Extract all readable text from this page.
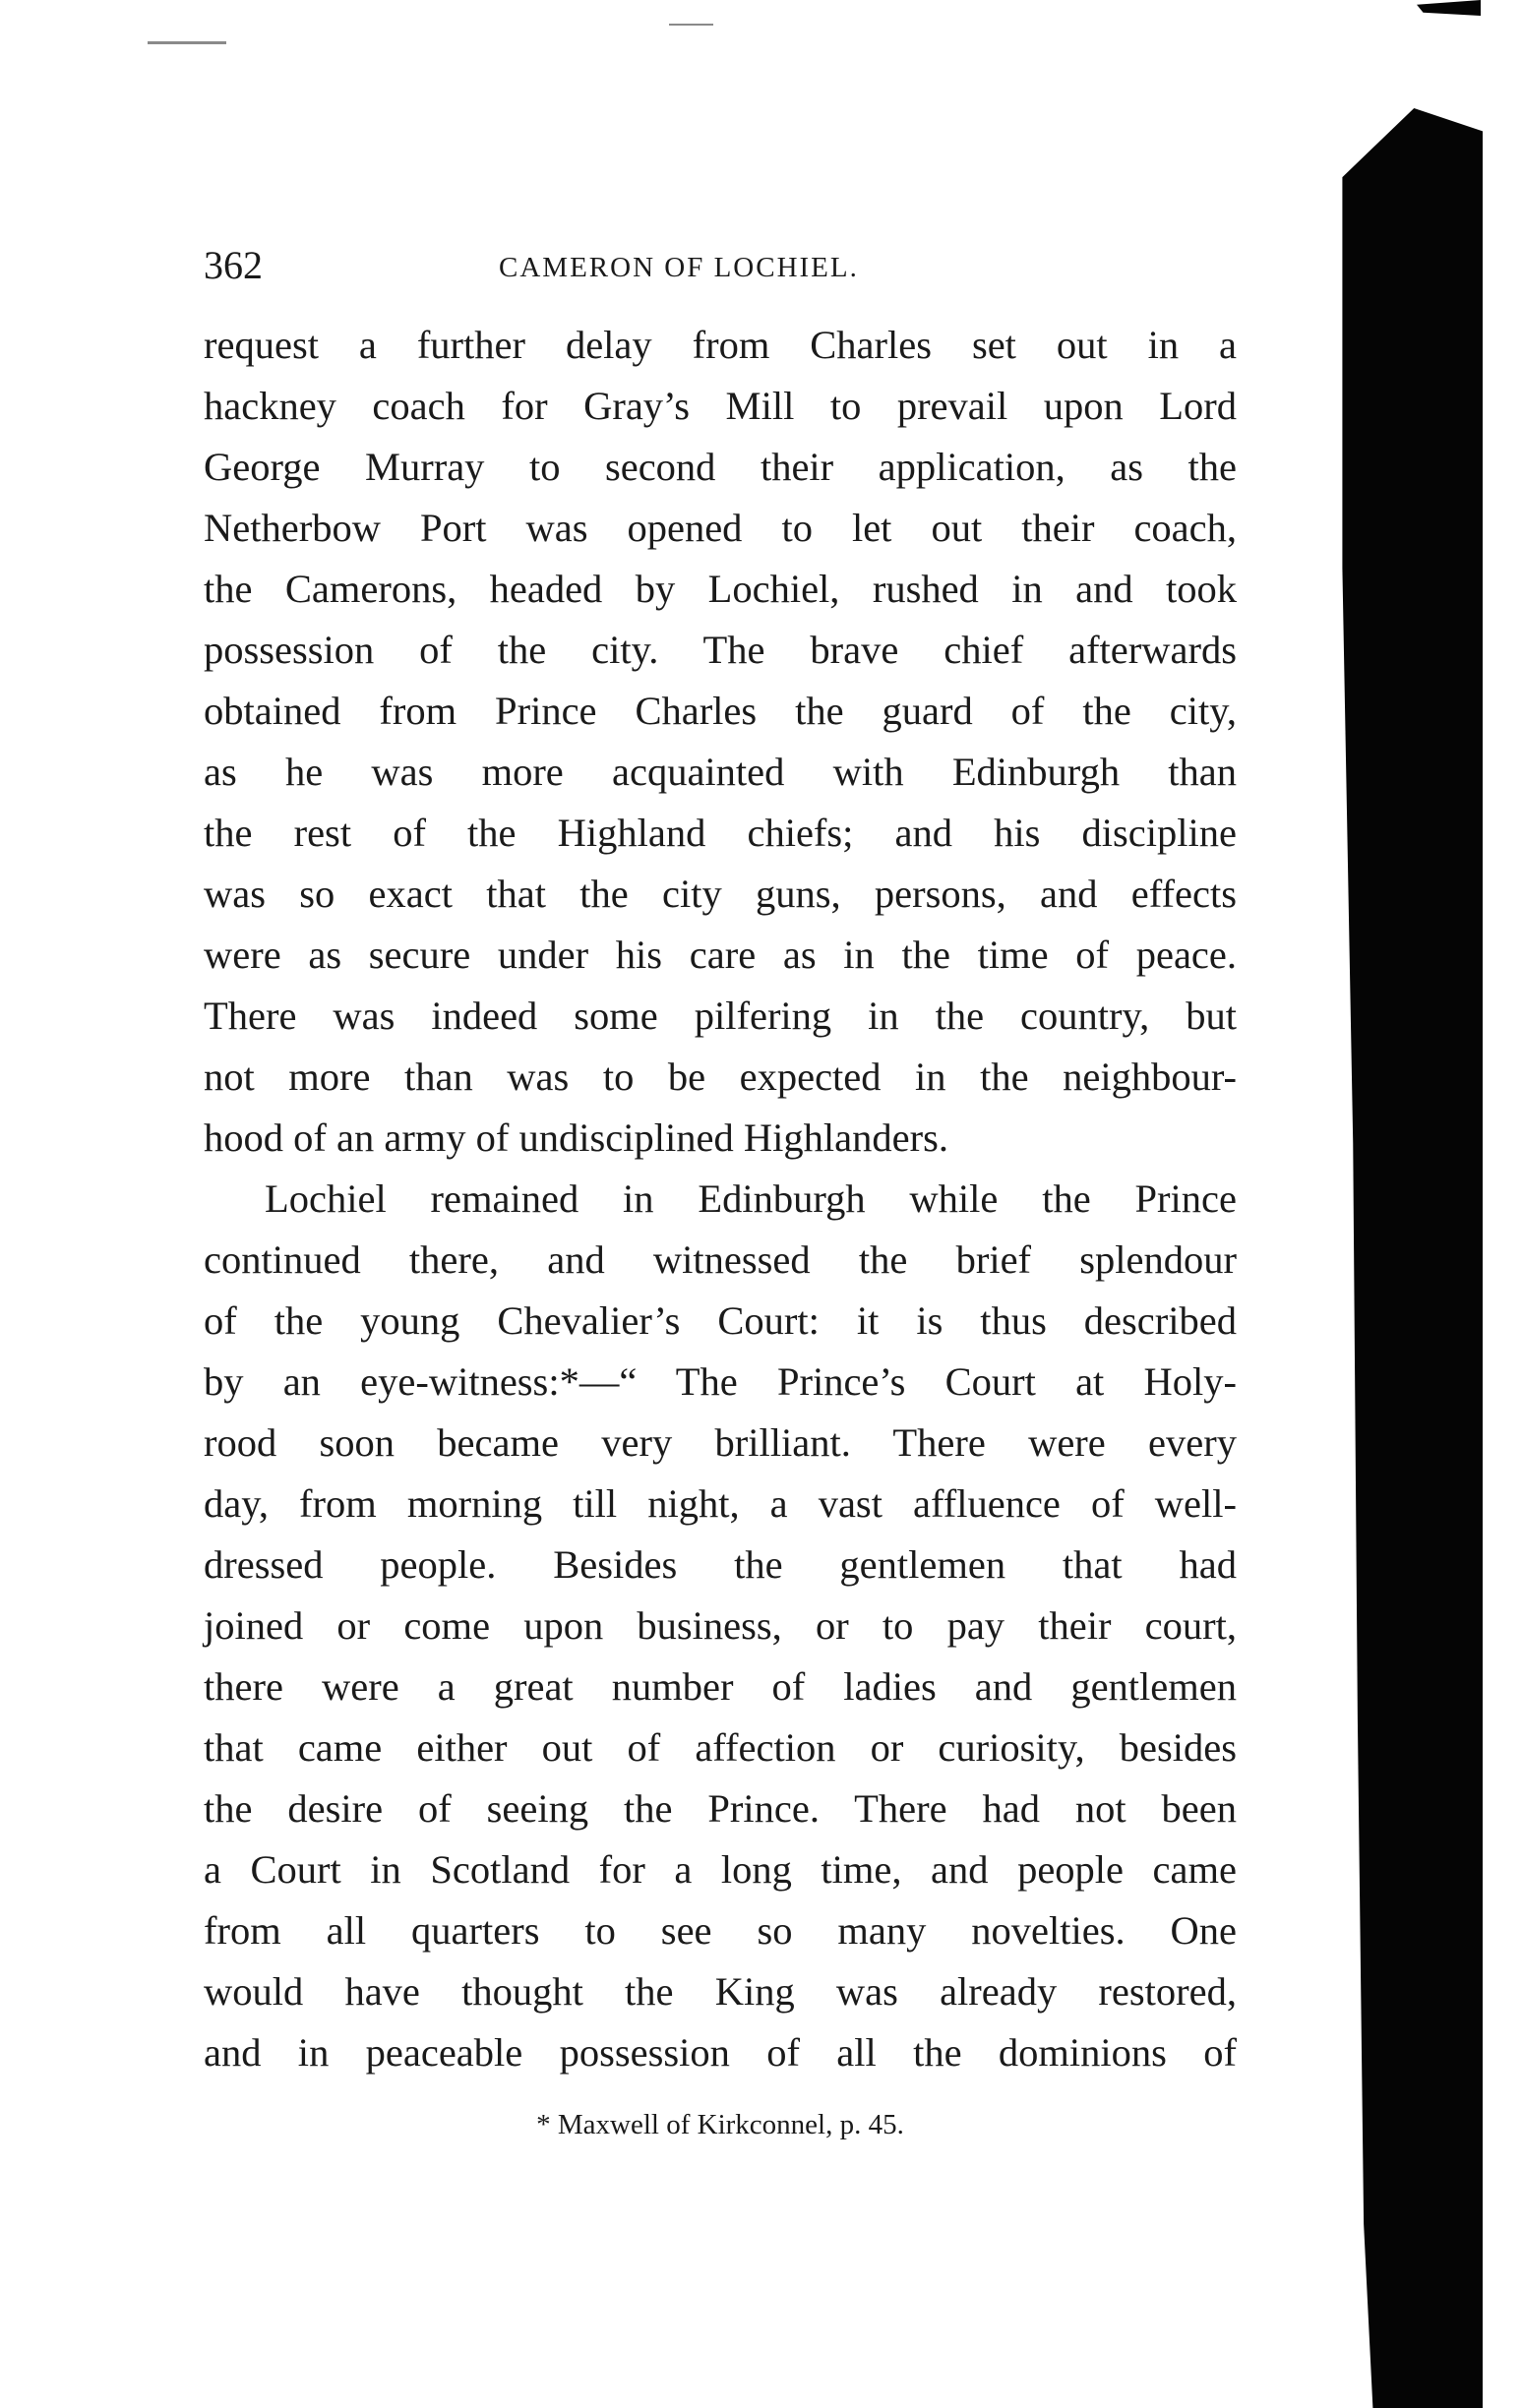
362	CAMERON OF LOCHIEL.
request a further delay from Charles set out in a
hackney coach for Gray’s Mill to prevail upon Lord
George Murray to second their application, as the
Netherbow Port was opened to let out their coach,
the Camerons, headed by Lochiel, rushed in and took
possession of the city. The brave chief afterwards
obtained from Prince Charles the guard of the city,
as he was more acquainted with Edinburgh than
the rest of the Highland chiefs; and his discipline
was so exact that the city guns, persons, and effects
were as secure under his care as in the time of peace.
There was indeed some pilfering in the country, but
not more than was to be expected in the neighbour-
hood of an army of undisciplined Highlanders.
Lochiel remained in Edinburgh while the Prince
continued there, and witnessed the brief splendour
of the young Chevalier’s Court: it is thus described
by an eye-witness:*—“ The Prince’s Court at Holy-
rood soon became very brilliant. There were every
day, from morning till night, a vast affluence of well-
dressed people. Besides the gentlemen that had
joined or come upon business, or to pay their court,
there were a great number of ladies and gentlemen
that came either out of affection or curiosity, besides
the desire of seeing the Prince. There had not been
a Court in Scotland for a long time, and people came
from all quarters to see so many novelties. One
would have thought the King was already restored,
and in peaceable possession of all the dominions of
* Maxwell of Kirkconnel, p. 45.
